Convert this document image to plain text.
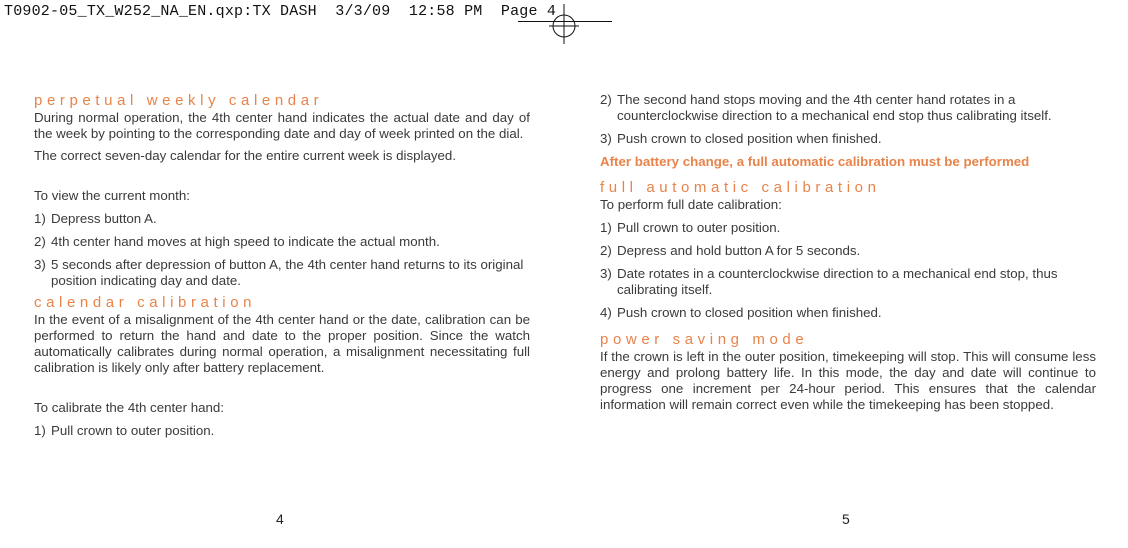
T0902-05_TX_W252_NA_EN.qxp:TX DASH  3/3/09  12:58 PM  Page 4
perpetual weekly calendar

During normal operation, the 4th center hand indicates the actual date and day of the week by pointing to the corresponding date and day of week printed on the dial.

The correct seven-day calendar for the entire current week is displayed.

To view the current month:

1) Depress button A.
2) 4th center hand moves at high speed to indicate the actual month.
3) 5 seconds after depression of button A, the 4th center hand returns to its original position indicating day and date.
calendar calibration

In the event of a misalignment of the 4th center hand or the date, calibration can be performed to return the hand and date to the proper position. Since the watch automatically calibrates during normal operation, a misalignment necessitating full calibration is likely only after battery replacement.

To calibrate the 4th center hand:

1) Pull crown to outer position.
4
2) The second hand stops moving and the 4th center hand rotates in a counterclockwise direction to a mechanical end stop thus calibrating itself.
3) Push crown to closed position when finished.

After battery change, a full automatic calibration must be performed

full automatic calibration

To perform full date calibration:

1) Pull crown to outer position.
2) Depress and hold button A for 5 seconds.
3) Date rotates in a counterclockwise direction to a mechanical end stop, thus calibrating itself.
4) Push crown to closed position when finished.
power saving mode

If the crown is left in the outer position, timekeeping will stop. This will consume less energy and prolong battery life. In this mode, the day and date will continue to progress one increment per 24-hour period. This ensures that the calendar information will remain correct even while the timekeeping has been stopped.

5
